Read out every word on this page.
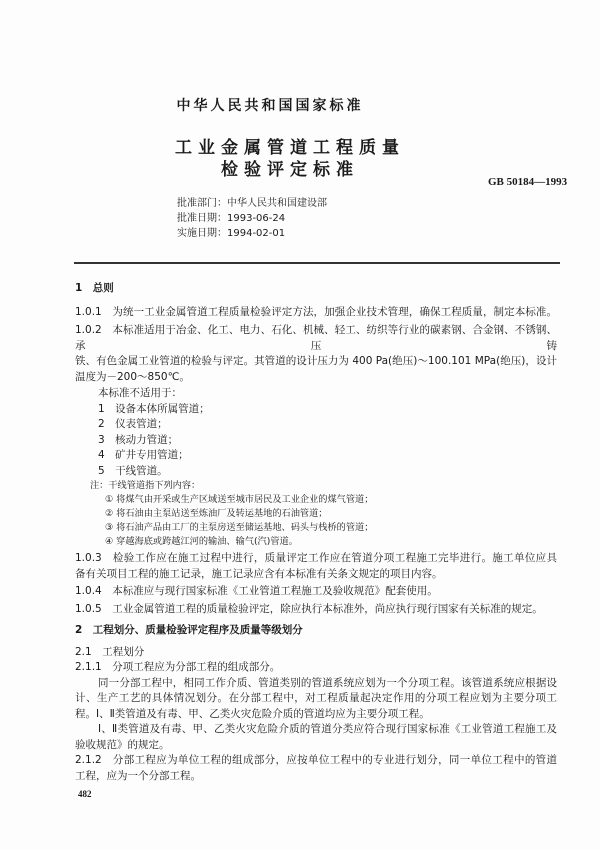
中华人民共和国国家标准
工业金属管道工程质量
检验评定标准
GB 50184—1993
批准部门：中华人民共和国建设部
批准日期：1993-06-24
实施日期：1994-02-01
1　总则
1.0.1　为统一工业金属管道工程质量检验评定方法，加强企业技术管理，确保工程质量，制定本标准。
1.0.2　本标准适用于冶金、化工、电力、石化、机械、轻工、纺织等行业的碳素钢、合金钢、不锈钢、承压铸
铁、有色金属工业管道的检验与评定。其管道的设计压力为 400 Pa(绝压)～100.101 MPa(绝压)，设计
温度为－200～850℃。
本标准不适用于：
1　设备本体所属管道；
2　仪表管道；
3　核动力管道；
4　矿井专用管道；
5　干线管道。
注：干线管道指下列内容：
① 将煤气由开采或生产区域送至城市居民及工业企业的煤气管道；
② 将石油由主泵站送至炼油厂及转运基地的石油管道；
③ 将石油产品由工厂的主泵房送至储运基地、码头与栈桥的管道；
④ 穿越海底或跨越江河的输油、输气(汽)管道。
1.0.3　检验工作应在施工过程中进行，质量评定工作应在管道分项工程施工完毕进行。施工单位应具
备有关项目工程的施工记录，施工记录应含有本标准有关条文规定的项目内容。
1.0.4　本标准应与现行国家标准《工业管道工程施工及验收规范》配套使用。
1.0.5　工业金属管道工程的质量检验评定，除应执行本标准外，尚应执行现行国家有关标准的规定。
2　工程划分、质量检验评定程序及质量等级划分
2.1　工程划分
2.1.1　分项工程应为分部工程的组成部分。
同一分部工程中，相同工作介质、管道类别的管道系统应划为一个分项工程。该管道系统应根据设
计、生产工艺的具体情况划分。在分部工程中，对工程质量起决定作用的分项工程应划为主要分项工
程。Ⅰ、Ⅱ类管道及有毒、甲、乙类火灾危险介质的管道均应为主要分项工程。
Ⅰ、Ⅱ类管道及有毒、甲、乙类火灾危险介质的管道分类应符合现行国家标准《工业管道工程施工及
验收规范》的规定。
2.1.2　分部工程应为单位工程的组成部分，应按单位工程中的专业进行划分，同一单位工程中的管道
工程，应为一个分部工程。
482
